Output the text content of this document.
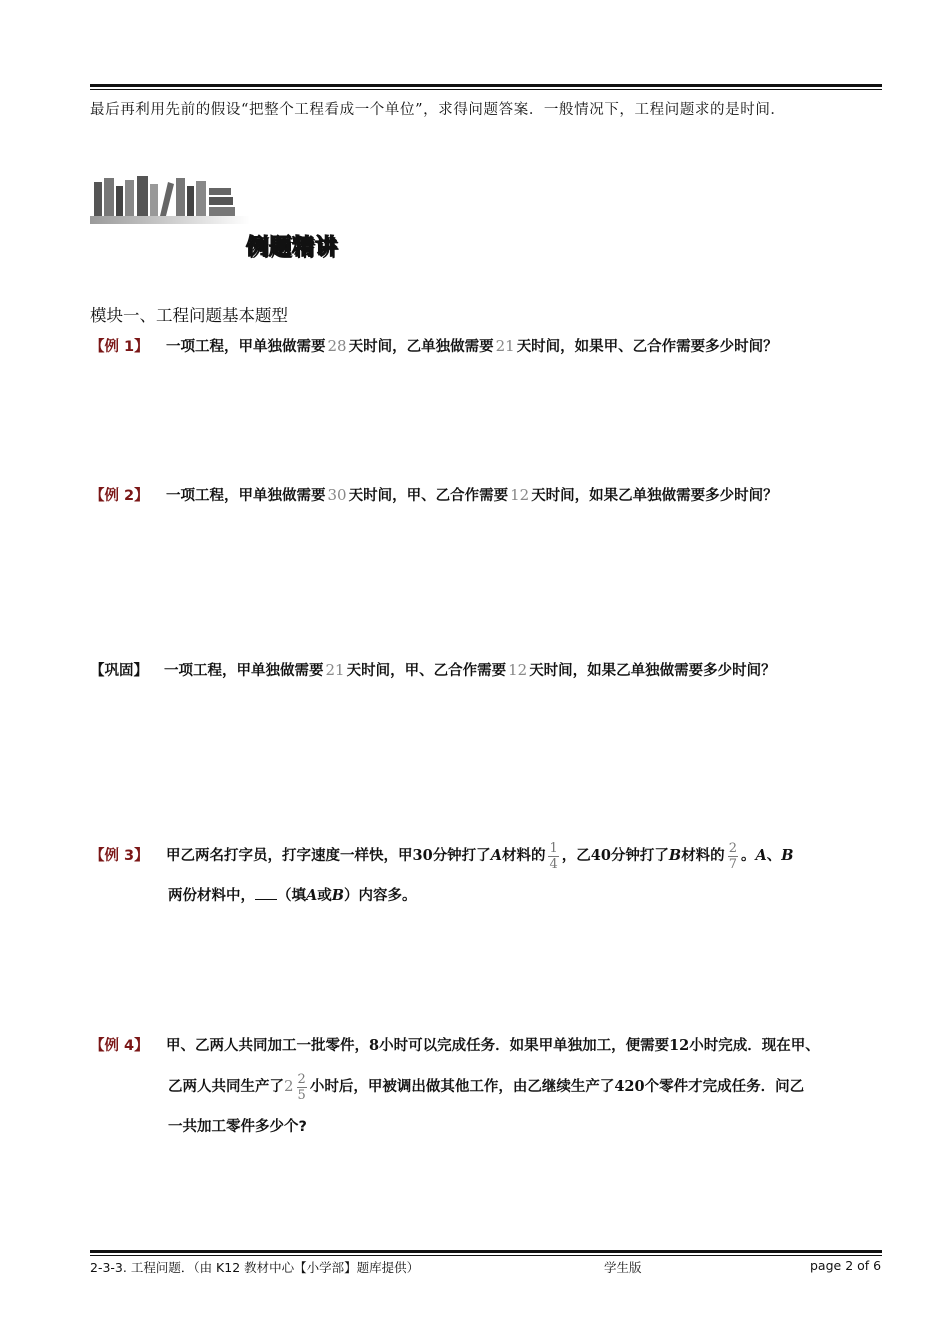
最后再利用先前的假设“把整个工程看成一个单位”，求得问题答案．一般情况下，工程问题求的是时间．
例题精讲
模块一、工程问题基本题型
【例 1】 一项工程，甲单独做需要 28 天时间，乙单独做需要 21 天时间，如果甲、乙合作需要多少时间？
【例 2】 一项工程，甲单独做需要 30 天时间，甲、乙合作需要 12 天时间，如果乙单独做需要多少时间？
【巩固】 一项工程，甲单独做需要 21 天时间，甲、乙合作需要 12 天时间，如果乙单独做需要多少时间？
【例 3】 甲乙两名打字员，打字速度一样快，甲30分钟打了A材料的 $\frac{1}{4}$ ，乙40分钟打了B材料的 $\frac{2}{7}$ 。A、B
两份材料中， （填A或B）内容多。
【例 4】 甲、乙两人共同加工一批零件，8小时可以完成任务．如果甲单独加工，便需要12小时完成．现在甲、
乙两人共同生产了$2 \frac{2}{5}$ 小时后，甲被调出做其他工作，由乙继续生产了420个零件才完成任务．问乙
一共加工零件多少个?
2-3-3. 工程问题．（由 K12 教材中心【小学部】题库提供）	学生版	page 2 of 6
